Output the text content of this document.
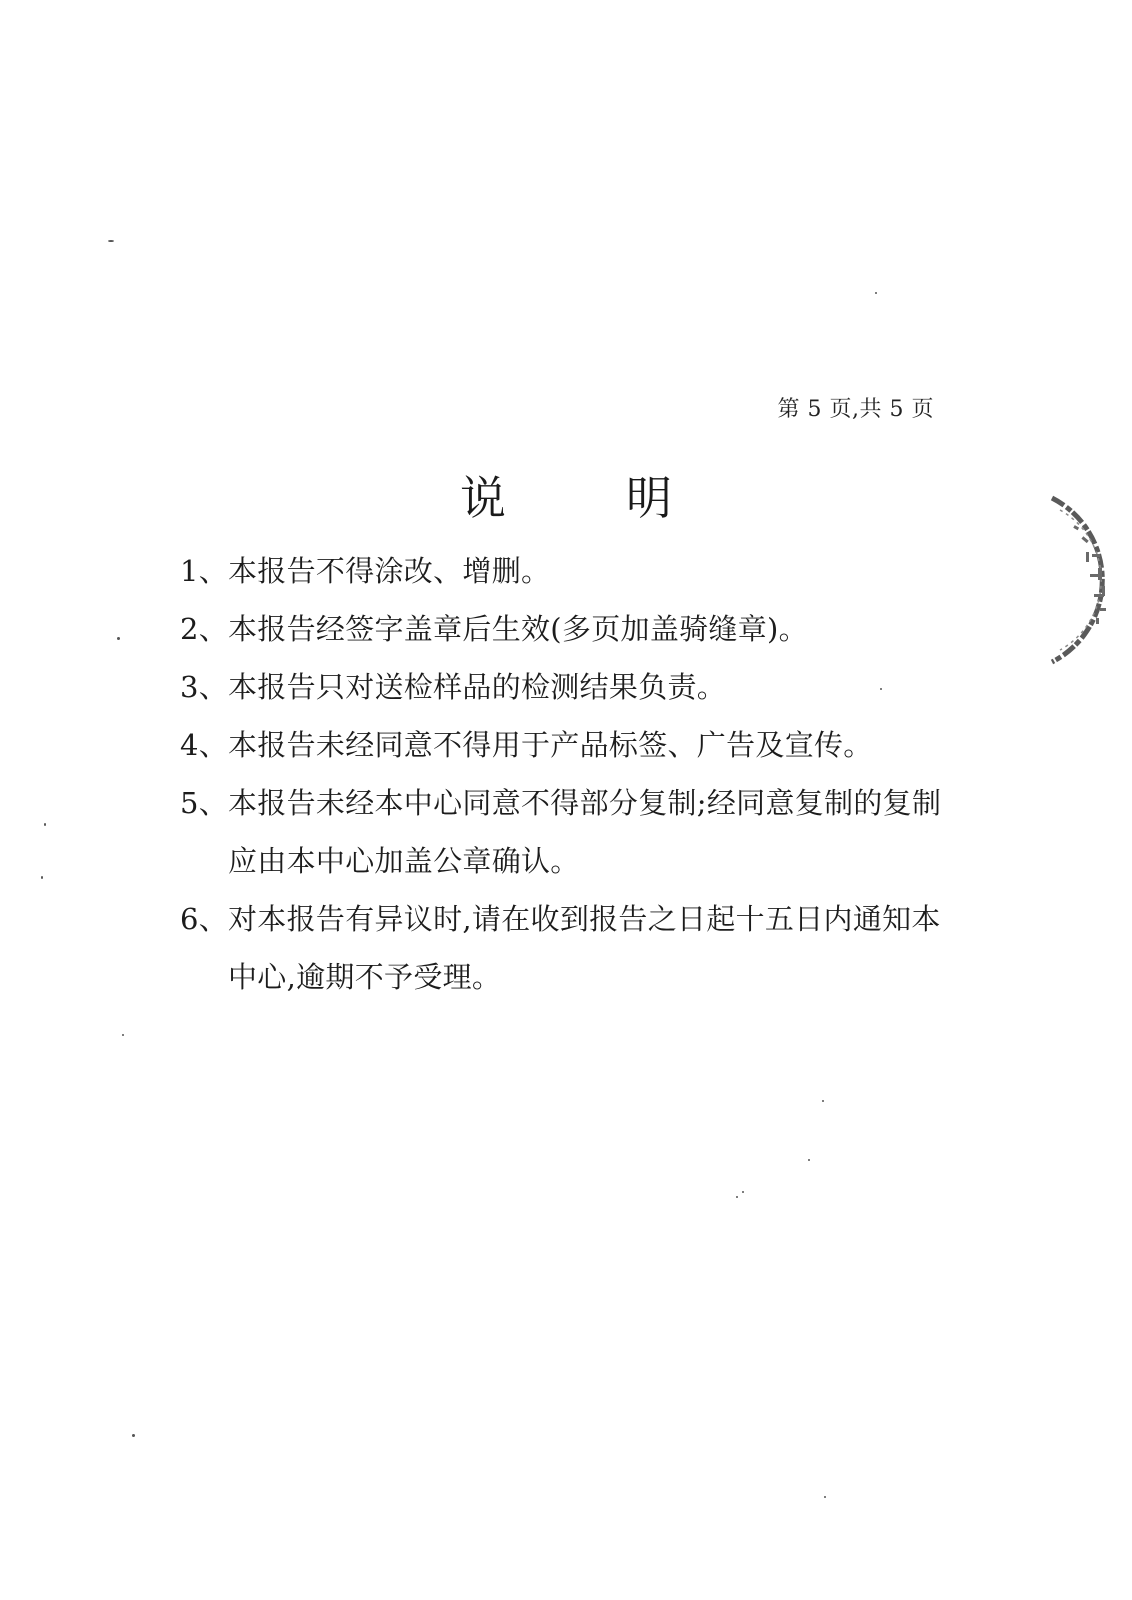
第 5 页,共 5 页
说明
1、 本报告不得涂改、增删。
2、 本报告经签字盖章后生效(多页加盖骑缝章)。
3、 本报告只对送检样品的检测结果负责。
4、 本报告未经同意不得用于产品标签、广告及宣传。
5、 本报告未经本中心同意不得部分复制;经同意复制的复制应由本中心加盖公章确认。
6、 对本报告有异议时,请在收到报告之日起十五日内通知本中心,逾期不予受理。
